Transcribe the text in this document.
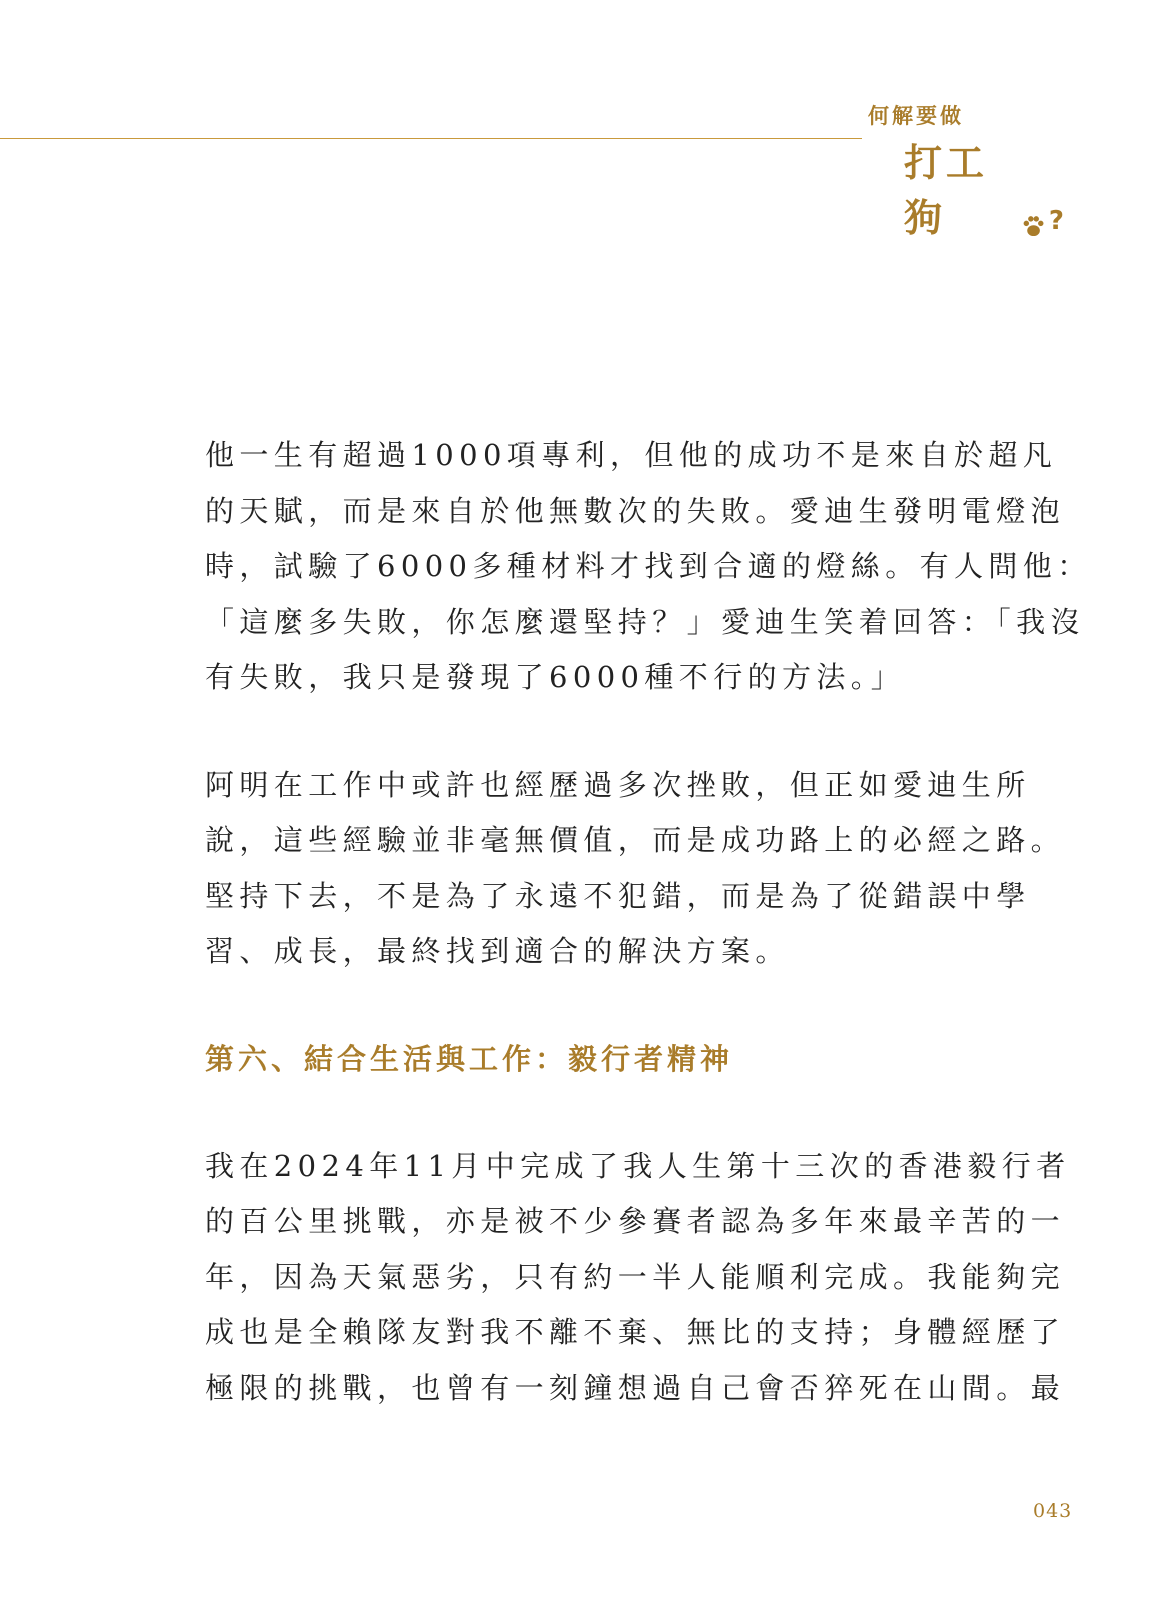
何解要做
打工狗	?

他一生有超過1000項專利，但他的成功不是來自於超凡
的天賦，而是來自於他無數次的失敗。愛迪生發明電燈泡
時，試驗了6000多種材料才找到合適的燈絲。有人問他：
「這麼多失敗，你怎麼還堅持？」愛迪生笑着回答：「我沒
有失敗，我只是發現了6000種不行的方法。」

阿明在工作中或許也經歷過多次挫敗，但正如愛迪生所
說，這些經驗並非毫無價值，而是成功路上的必經之路。
堅持下去，不是為了永遠不犯錯，而是為了從錯誤中學
習、成長，最終找到適合的解決方案。

第六、結合生活與工作：毅行者精神

我在2024年11月中完成了我人生第十三次的香港毅行者
的百公里挑戰，亦是被不少參賽者認為多年來最辛苦的一
年，因為天氣惡劣，只有約一半人能順利完成。我能夠完
成也是全賴隊友對我不離不棄、無比的支持；身體經歷了
極限的挑戰，也曾有一刻鐘想過自己會否猝死在山間。最

043
